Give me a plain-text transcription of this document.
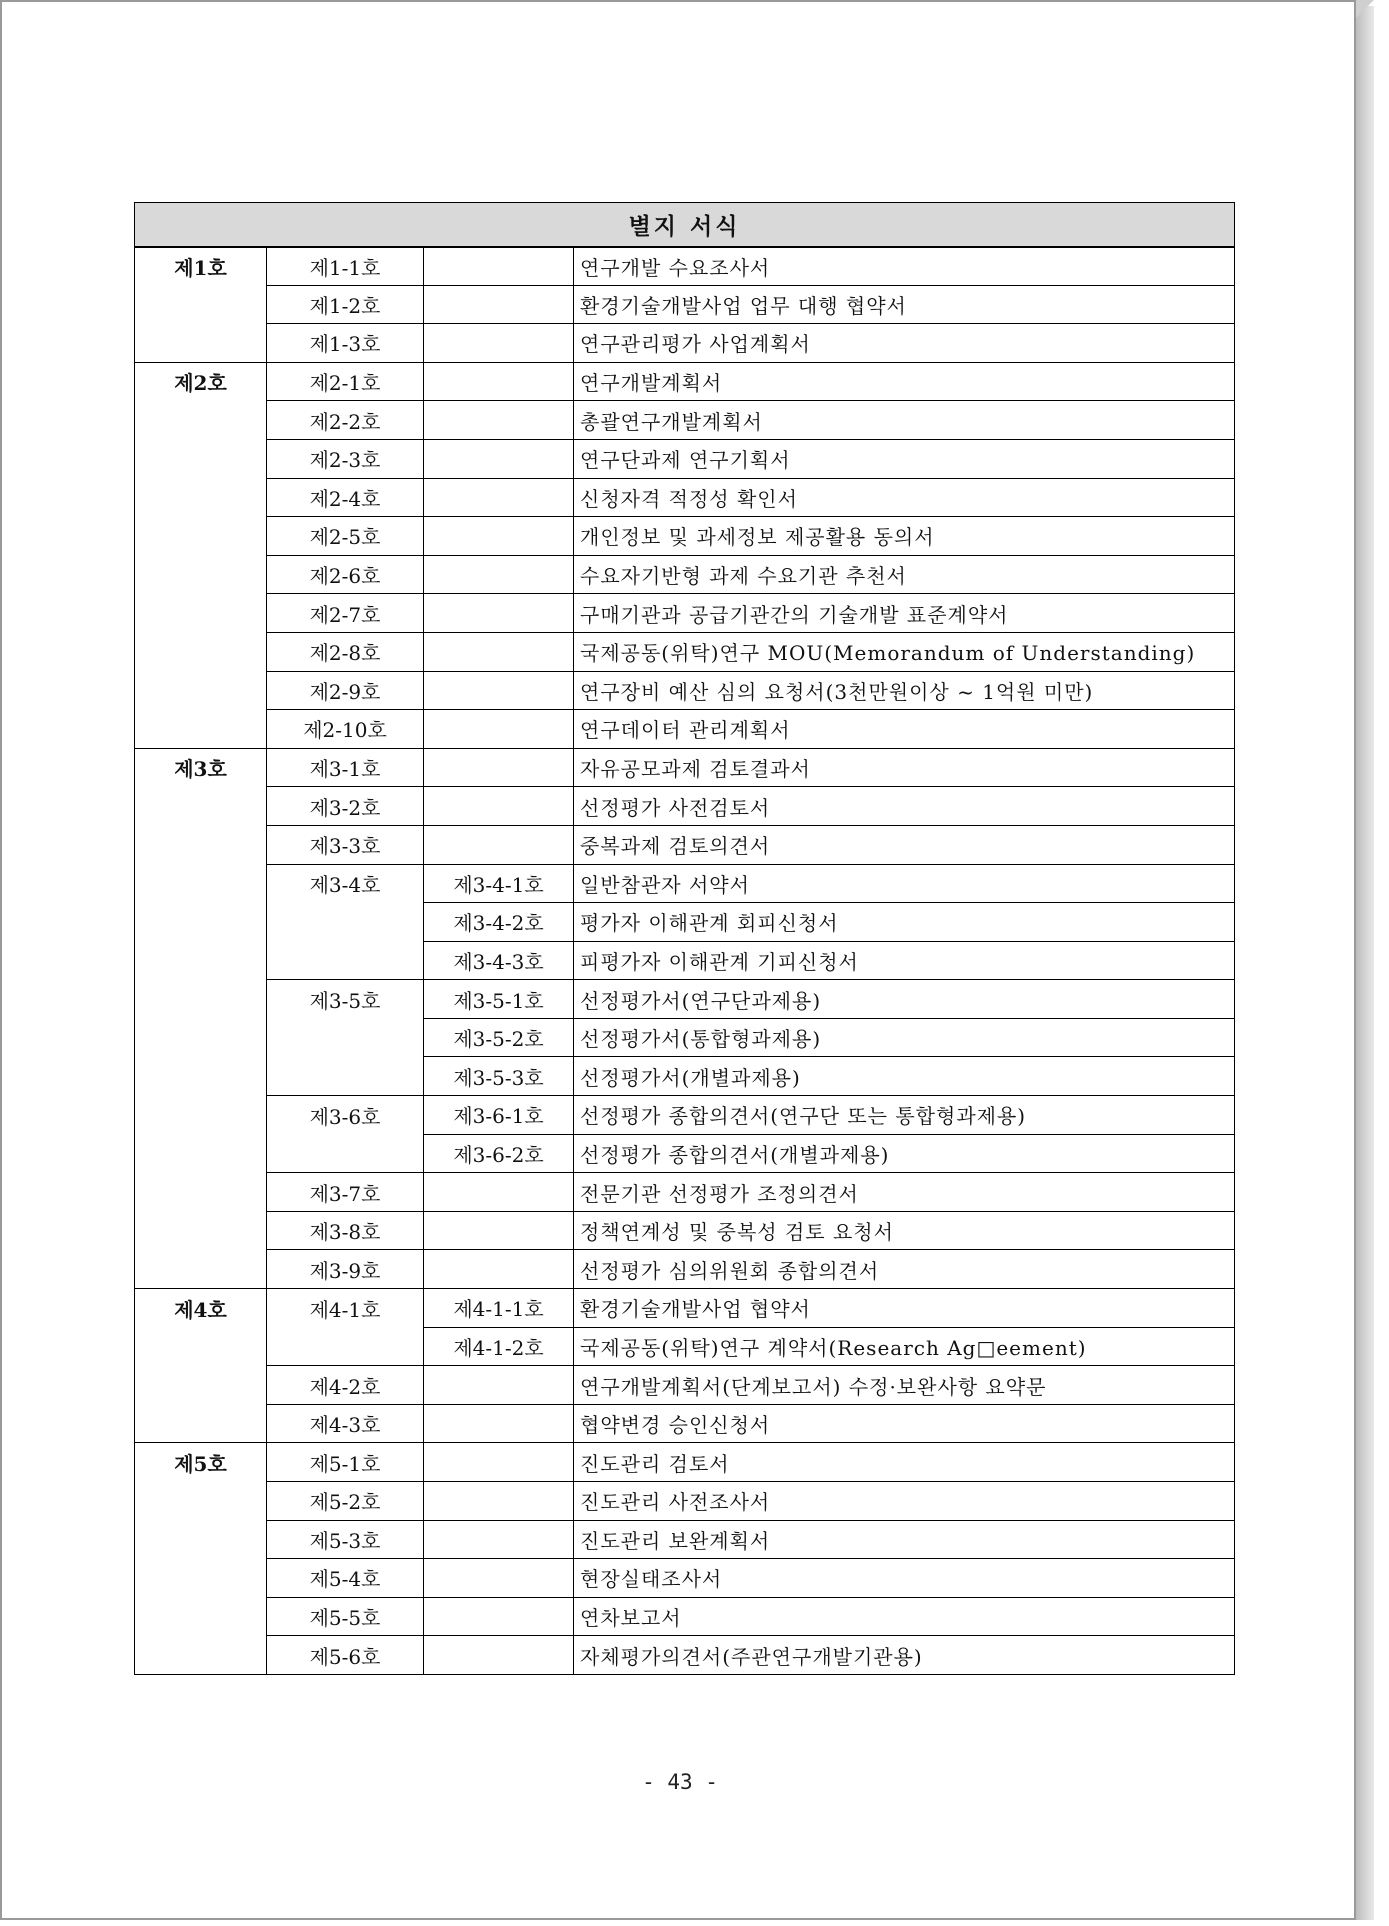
별지 서식			
제1호	제1-1호		연구개발 수요조사서
	제1-2호		환경기술개발사업 업무 대행 협약서
	제1-3호		연구관리평가 사업계획서
제2호	제2-1호		연구개발계획서
	제2-2호		총괄연구개발계획서
	제2-3호		연구단과제 연구기획서
	제2-4호		신청자격 적정성 확인서
	제2-5호		개인정보 및 과세정보 제공활용 동의서
	제2-6호		수요자기반형 과제 수요기관 추천서
	제2-7호		구매기관과 공급기관간의 기술개발 표준계약서
	제2-8호		국제공동(위탁)연구 MOU(Memorandum of Understanding)
	제2-9호		연구장비 예산 심의 요청서(3천만원이상 ~ 1억원 미만)
	제2-10호		연구데이터 관리계획서
제3호	제3-1호		자유공모과제 검토결과서
	제3-2호		선정평가 사전검토서
	제3-3호		중복과제 검토의견서
	제3-4호	제3-4-1호	일반참관자 서약서
		제3-4-2호	평가자 이해관계 회피신청서
		제3-4-3호	피평가자 이해관계 기피신청서
	제3-5호	제3-5-1호	선정평가서(연구단과제용)
		제3-5-2호	선정평가서(통합형과제용)
		제3-5-3호	선정평가서(개별과제용)
	제3-6호	제3-6-1호	선정평가 종합의견서(연구단 또는 통합형과제용)
		제3-6-2호	선정평가 종합의견서(개별과제용)
	제3-7호		전문기관 선정평가 조정의견서
	제3-8호		정책연계성 및 중복성 검토 요청서
	제3-9호		선정평가 심의위원회 종합의견서
제4호	제4-1호	제4-1-1호	환경기술개발사업 협약서
		제4-1-2호	국제공동(위탁)연구 계약서(Research Ag□eement)
	제4-2호		연구개발계획서(단계보고서) 수정·보완사항 요약문
	제4-3호		협약변경 승인신청서
제5호	제5-1호		진도관리 검토서
	제5-2호		진도관리 사전조사서
	제5-3호		진도관리 보완계획서
	제5-4호		현장실태조사서
	제5-5호		연차보고서
	제5-6호		자체평가의견서(주관연구개발기관용)
- 43 -
